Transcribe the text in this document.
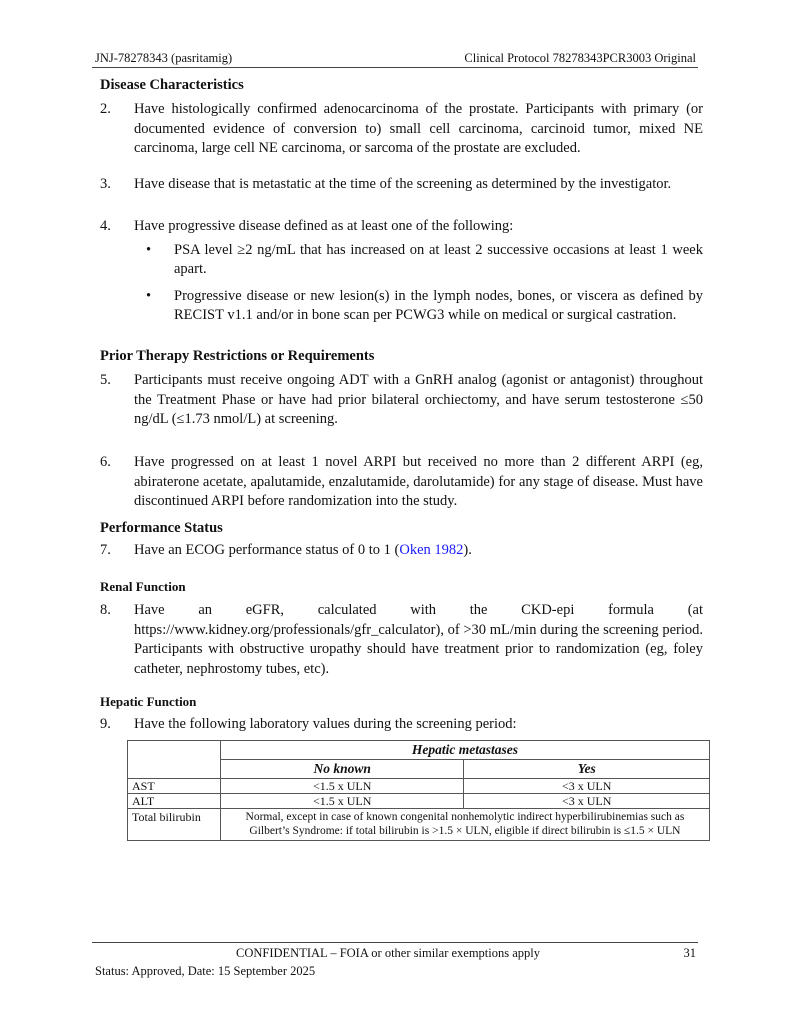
JNJ-78278343 (pasritamig)	Clinical Protocol 78278343PCR3003 Original
Disease Characteristics
2. Have histologically confirmed adenocarcinoma of the prostate. Participants with primary (or documented evidence of conversion to) small cell carcinoma, carcinoid tumor, mixed NE carcinoma, large cell NE carcinoma, or sarcoma of the prostate are excluded.
3. Have disease that is metastatic at the time of the screening as determined by the investigator.
4. Have progressive disease defined as at least one of the following:
• PSA level ≥2 ng/mL that has increased on at least 2 successive occasions at least 1 week apart.
• Progressive disease or new lesion(s) in the lymph nodes, bones, or viscera as defined by RECIST v1.1 and/or in bone scan per PCWG3 while on medical or surgical castration.
Prior Therapy Restrictions or Requirements
5. Participants must receive ongoing ADT with a GnRH analog (agonist or antagonist) throughout the Treatment Phase or have had prior bilateral orchiectomy, and have serum testosterone ≤50 ng/dL (≤1.73 nmol/L) at screening.
6. Have progressed on at least 1 novel ARPI but received no more than 2 different ARPI (eg, abiraterone acetate, apalutamide, enzalutamide, darolutamide) for any stage of disease. Must have discontinued ARPI before randomization into the study.
Performance Status
7. Have an ECOG performance status of 0 to 1 (Oken 1982).
Renal Function
8. Have an eGFR, calculated with the CKD-epi formula (at https://www.kidney.org/professionals/gfr_calculator), of >30 mL/min during the screening period. Participants with obstructive uropathy should have treatment prior to randomization (eg, foley catheter, nephrostomy tubes, etc).
Hepatic Function
9. Have the following laboratory values during the screening period:
	Hepatic metastases	
	No known	Yes
AST	<1.5 x ULN	<3 x ULN
ALT	<1.5 x ULN	<3 x ULN
Total bilirubin	Normal, except in case of known congenital nonhemolytic indirect hyperbilirubinemias such as Gilbert’s Syndrome: if total bilirubin is >1.5 × ULN, eligible if direct bilirubin is ≤1.5 × ULN	
CONFIDENTIAL – FOIA or other similar exemptions apply	31
Status: Approved, Date: 15 September 2025
